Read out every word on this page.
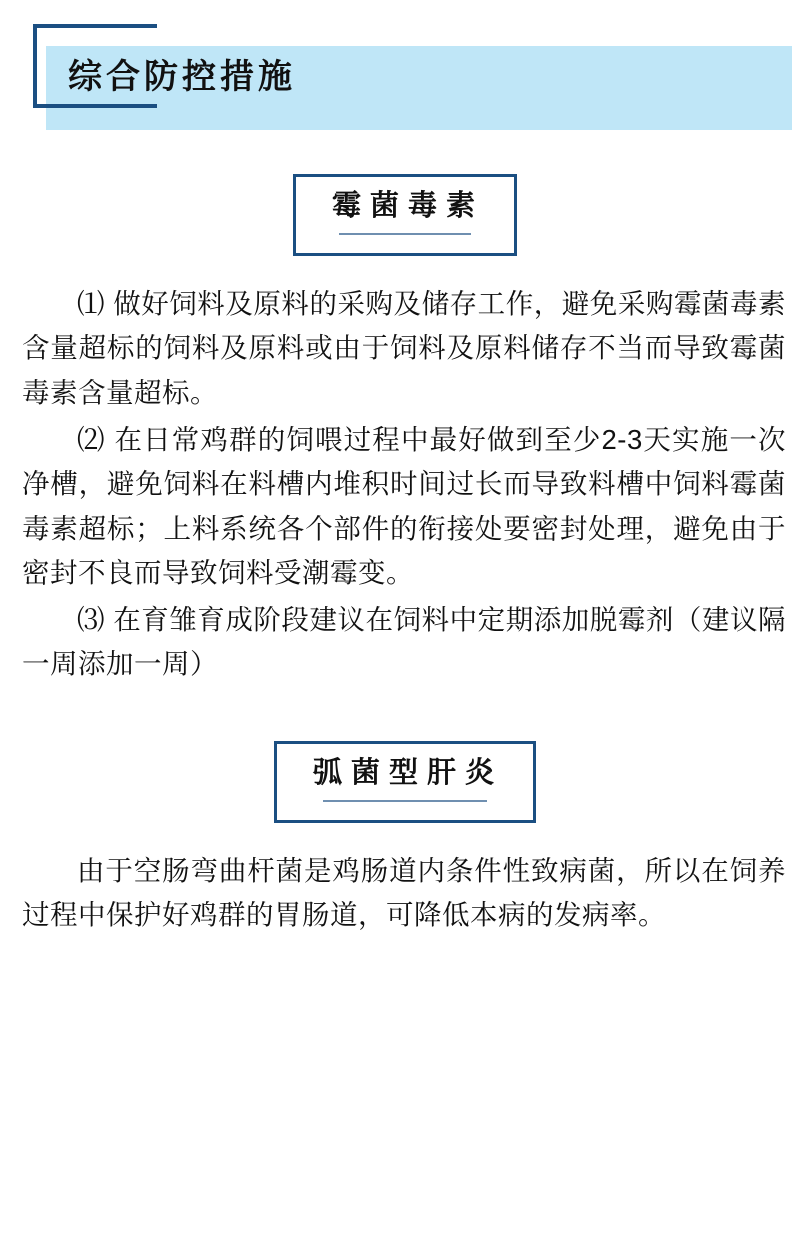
综合防控措施
霉菌毒素

⑴ 做好饲料及原料的采购及储存工作，避免采购霉菌毒素含量超标的饲料及原料或由于饲料及原料储存不当而导致霉菌毒素含量超标。

⑵ 在日常鸡群的饲喂过程中最好做到至少2-3天实施一次净槽，避免饲料在料槽内堆积时间过长而导致料槽中饲料霉菌毒素超标；上料系统各个部件的衔接处要密封处理，避免由于密封不良而导致饲料受潮霉变。

⑶ 在育雏育成阶段建议在饲料中定期添加脱霉剂（建议隔一周添加一周）

弧菌型肝炎

由于空肠弯曲杆菌是鸡肠道内条件性致病菌，所以在饲养过程中保护好鸡群的胃肠道，可降低本病的发病率。
